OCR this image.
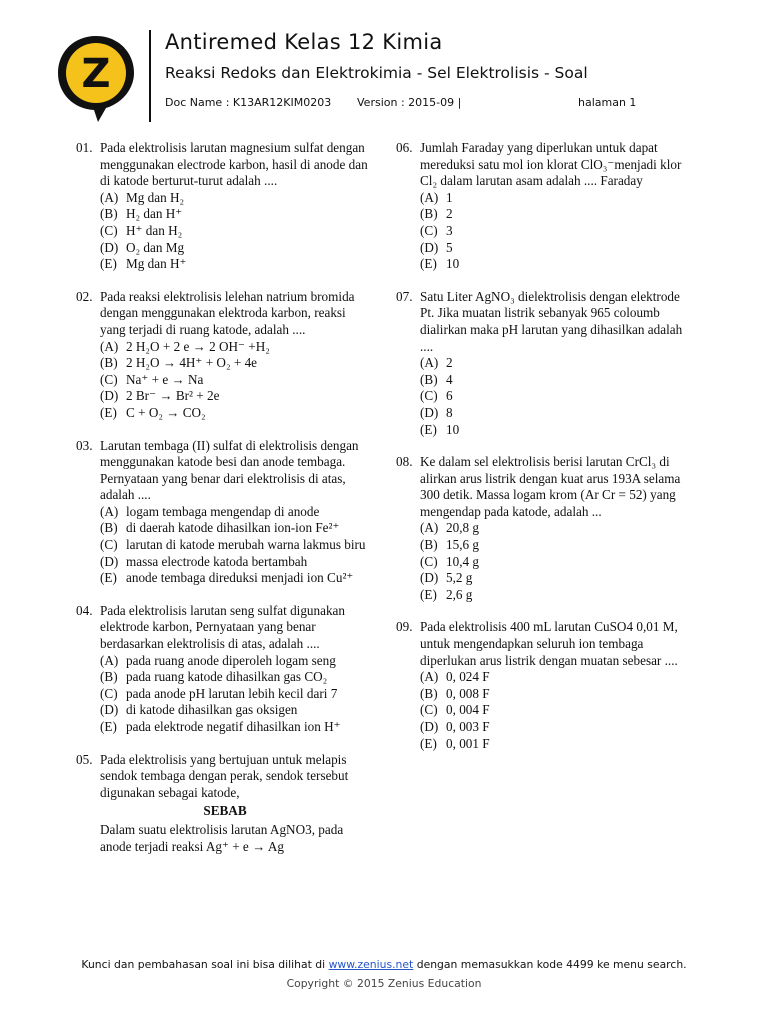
Z
Antiremed Kelas 12 Kimia
Reaksi Redoks dan Elektrokimia - Sel Elektrolisis - Soal
Doc Name : K13AR12KIM0203 Version : 2015-09 |	halaman 1
01. Pada elektrolisis larutan magnesium sulfat dengan menggunakan electrode karbon, hasil di anode dan di katode berturut-turut adalah ....
(A) Mg dan H₂
(B) H₂ dan H⁺
(C) H⁺ dan H₂
(D) O₂ dan Mg
(E) Mg dan H⁺
02. Pada reaksi elektrolisis lelehan natrium bromida dengan menggunakan elektroda karbon, reaksi yang terjadi di ruang katode, adalah ....
(A) 2 H₂O + 2 e → 2 OH⁻ +H₂
(B) 2 H₂O → 4H⁺ + O₂ + 4e
(C) Na⁺ + e → Na
(D) 2 Br⁻ → Br² + 2e
(E) C + O₂ → CO₂
03. Larutan tembaga (II) sulfat di elektrolisis dengan menggunakan katode besi dan anode tembaga. Pernyataan yang benar dari elektrolisis di atas, adalah ....
(A) logam tembaga mengendap di anode
(B) di daerah katode dihasilkan ion-ion Fe²⁺
(C) larutan di katode merubah warna lakmus biru
(D) massa electrode katoda bertambah
(E) anode tembaga direduksi menjadi ion Cu²⁺
04. Pada elektrolisis larutan seng sulfat digunakan elektrode karbon, Pernyataan yang benar berdasarkan elektrolisis di atas, adalah ....
(A) pada ruang anode diperoleh logam seng
(B) pada ruang katode dihasilkan gas CO₂
(C) pada anode pH larutan lebih kecil dari 7
(D) di katode dihasilkan gas oksigen
(E) pada elektrode negatif dihasilkan ion H⁺
05. Pada elektrolisis yang bertujuan untuk melapis sendok tembaga dengan perak, sendok tersebut digunakan sebagai katode,
SEBAB
Dalam suatu elektrolisis larutan AgNO3, pada anode terjadi reaksi Ag⁺ + e → Ag
06. Jumlah Faraday yang diperlukan untuk dapat mereduksi satu mol ion klorat ClO₃⁻menjadi klor Cl₂ dalam larutan asam adalah .... Faraday
(A) 1
(B) 2
(C) 3
(D) 5
(E) 10
07. Satu Liter AgNO₃ dielektrolisis dengan elektrode Pt. Jika muatan listrik sebanyak 965 coloumb dialirkan maka pH larutan yang dihasilkan adalah ....
(A) 2
(B) 4
(C) 6
(D) 8
(E) 10
08. Ke dalam sel elektrolisis berisi larutan CrCl₃ di alirkan arus listrik dengan kuat arus 193A selama 300 detik. Massa logam krom (Ar Cr = 52) yang mengendap pada katode, adalah ...
(A) 20,8 g
(B) 15,6 g
(C) 10,4 g
(D) 5,2 g
(E) 2,6 g
09. Pada elektrolisis 400 mL larutan CuSO4 0,01 M, untuk mengendapkan seluruh ion tembaga diperlukan arus listrik dengan muatan sebesar ....
(A) 0, 024 F
(B) 0, 008 F
(C) 0, 004 F
(D) 0, 003 F
(E) 0, 001 F
Kunci dan pembahasan soal ini bisa dilihat di www.zenius.net dengan memasukkan kode 4499 ke menu search.
Copyright © 2015 Zenius Education
